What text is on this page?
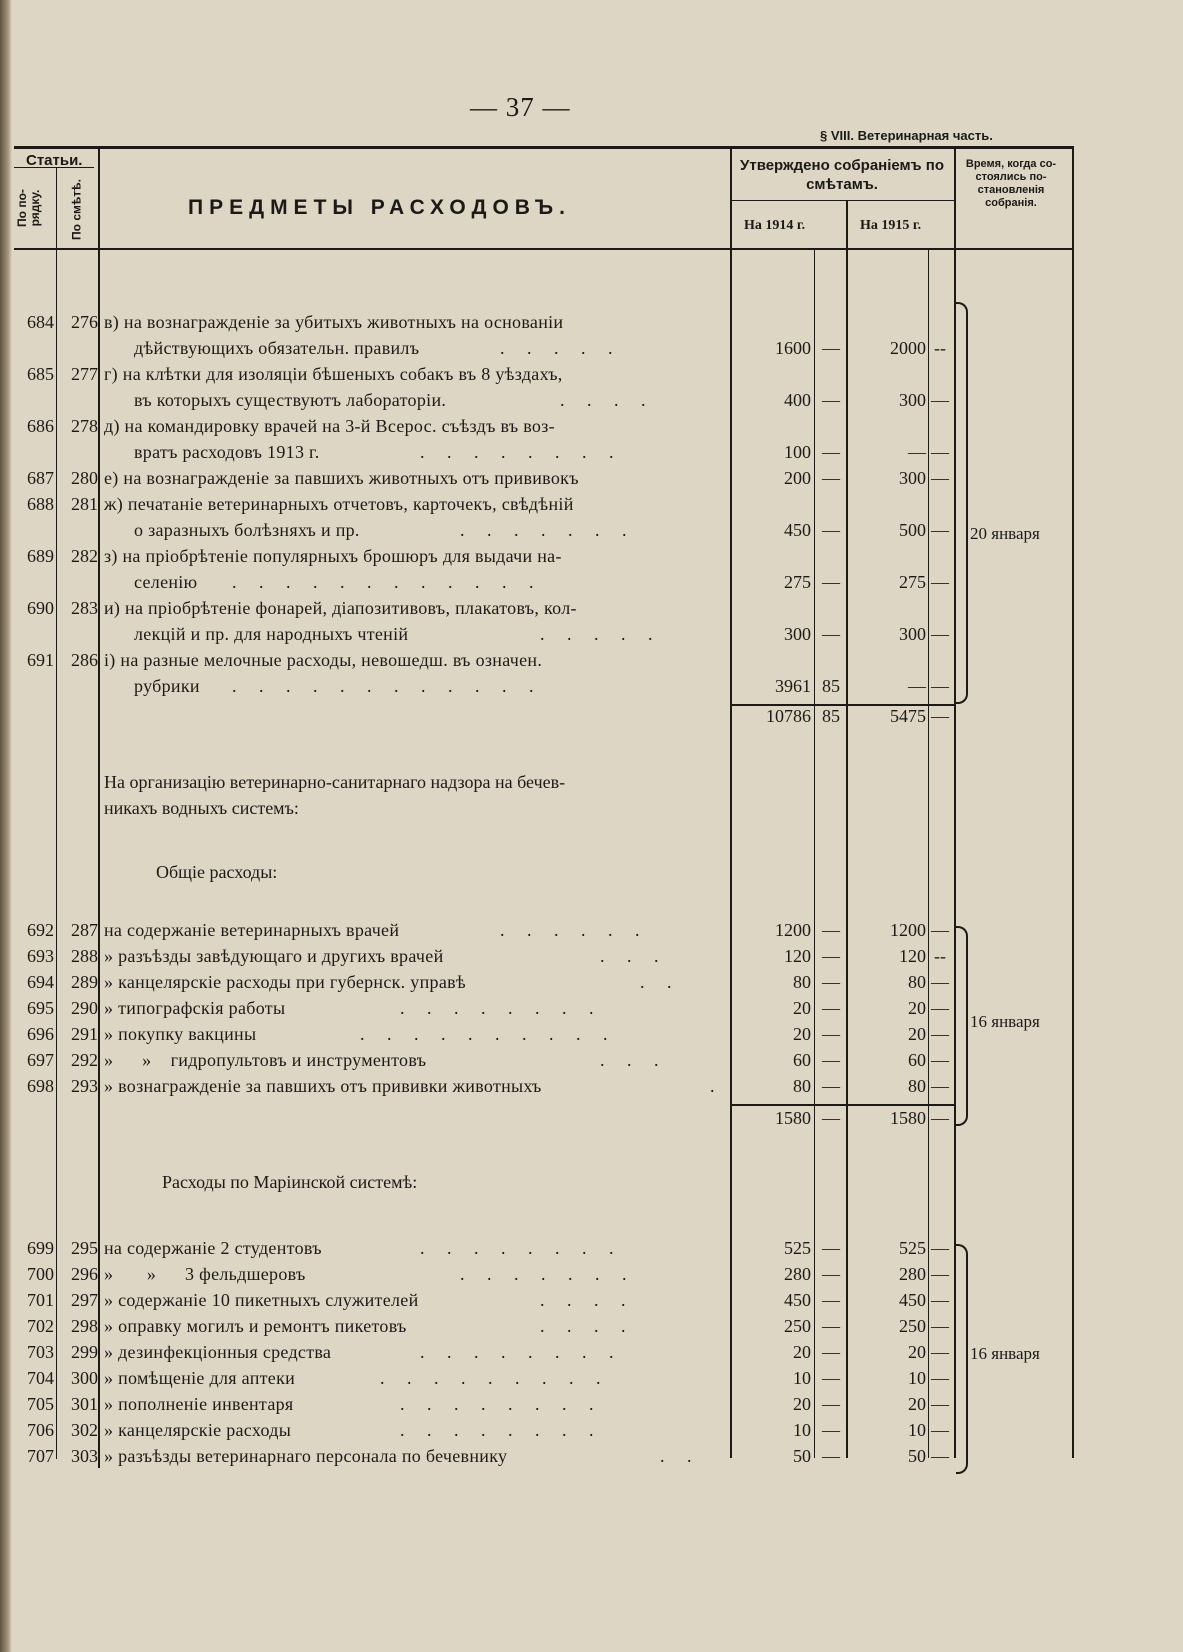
— 37 —
§ VIII. Ветеринарная часть.
Статьи.
По по-рядку. По смѣтѣ.	ПРЕДМЕТЫ РАСХОДОВЪ.
Утверждено собраніемъ по смѣтамъ.
На 1914 г.	На 1915 г.
Время, когда со-стоялись по-становленія собранія.
684 276 в) на вознагражденіе за убитыхъ животныхъ на основаніи
дѣйствующихъ обязательн. правилъ	. . . . .	1600 —	2000 --
685 277 г) на клѣтки для изоляціи бѣшеныхъ собакъ въ 8 уѣздахъ,
въ которыхъ существуютъ лабораторіи.	. . . .	400 —	300 —
686 278 д) на командировку врачей на 3-й Всерос. съѣздъ въ воз-
вратъ расходовъ 1913 г.	. . . . . . . .	100 —	— —
687 280 е) на вознагражденіе за павшихъ животныхъ отъ прививокъ	200 —	300 —
688 281 ж) печатаніе ветеринарныхъ отчетовъ, карточекъ, свѣдѣній
о заразныхъ болѣзняхъ и пр.	. . . . . . .	450 —	500 —
689 282 з) на пріобрѣтеніе популярныхъ брошюръ для выдачи на-
селенію . . . . . . . . . . . .	275 —	275 —
690 283 и) на пріобрѣтеніе фонарей, діапозитивовъ, плакатовъ, кол-
лекцій и пр. для народныхъ чтеній	. . . . .	300 —	300 —
691 286 і) на разные мелочные расходы, невошедш. въ означен.
рубрики . . . . . . . . . . . .	3961 85	— —
10786 85	5475 —
20 января
На организацію ветеринарно-санитарнаго надзора на бечев-
никахъ водныхъ системъ:
Общіе расходы:
692 287 на содержаніе ветеринарныхъ врачей	. . . . . .	1200 —	1200 —
693 288 » разъѣзды завѣдующаго и другихъ врачей	. . .	120 —	120 --
694 289 » канцелярскіе расходы при губернск. управѣ	. .	80 —	80 —
695 290 » типографскія работы	. . . . . . . .	20 —	20 —
696 291 » покупку вакцины	. . . . . . . . . .	20 —	20 —
697 292 »      »    гидропультовъ и инструментовъ	. . .	60 —	60 —
698 293 » вознагражденіе за павшихъ отъ прививки животныхъ	.	80 —	80 —
1580 —	1580 —
16 января
Расходы по Маріинской системѣ:
699 295 на содержаніе 2 студентовъ	. . . . . . . .	525 —	525 —
700 296 »       »      3 фельдшеровъ	. . . . . . .	280 —	280 —
701 297 » содержаніе 10 пикетныхъ служителей	. . . .	450 —	450 —
702 298 » оправку могилъ и ремонтъ пикетовъ	. . . .	250 —	250 —
703 299 » дезинфекціонныя средства	. . . . . . . .	20 —	20 —
704 300 » помѣщеніе для аптеки	. . . . . . . . .	10 —	10 —
705 301 » пополненіе инвентаря	. . . . . . . .	20 —	20 —
706 302 » канцелярскіе расходы	. . . . . . . .	10 —	10 —
707 303 » разъѣзды ветеринарнаго персонала по бечевнику	. .	50 —	50 —
16 января
